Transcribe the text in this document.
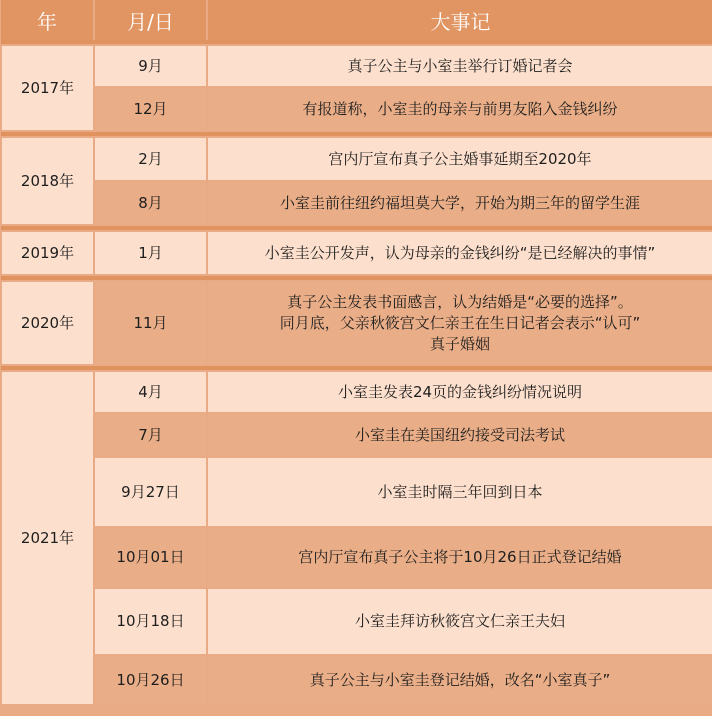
年	月/日	大事记

2017年	9月	真子公主与小室圭举行订婚记者会

	12月	有报道称，小室圭的母亲与前男友陷入金钱纠纷

2018年	2月	宫内厅宣布真子公主婚事延期至2020年

	8月	小室圭前往纽约福坦莫大学，开始为期三年的留学生涯

2019年	1月	小室圭公开发声，认为母亲的金钱纠纷“是已经解决的事情”

2020年	11月	真子公主发表书面感言，认为结婚是“必要的选择”。
同月底，父亲秋筱宫文仁亲王在生日记者会表示“认可”
真子婚姻

2021年	4月	小室圭发表24页的金钱纠纷情况说明

	7月	小室圭在美国纽约接受司法考试

	9月27日	小室圭时隔三年回到日本

	10月01日	宫内厅宣布真子公主将于10月26日正式登记结婚

	10月18日	小室圭拜访秋筱宫文仁亲王夫妇

	10月26日	真子公主与小室圭登记结婚，改名“小室真子”
